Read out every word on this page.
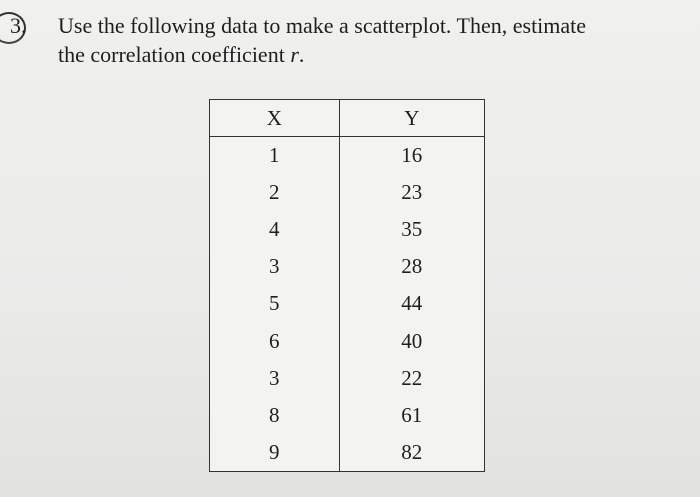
3. Use the following data to make a scatterplot. Then, estimate
the correlation coefficient r.
X	Y
1	16
2	23
4	35
3	28
5	44
6	40
3	22
8	61
9	82
